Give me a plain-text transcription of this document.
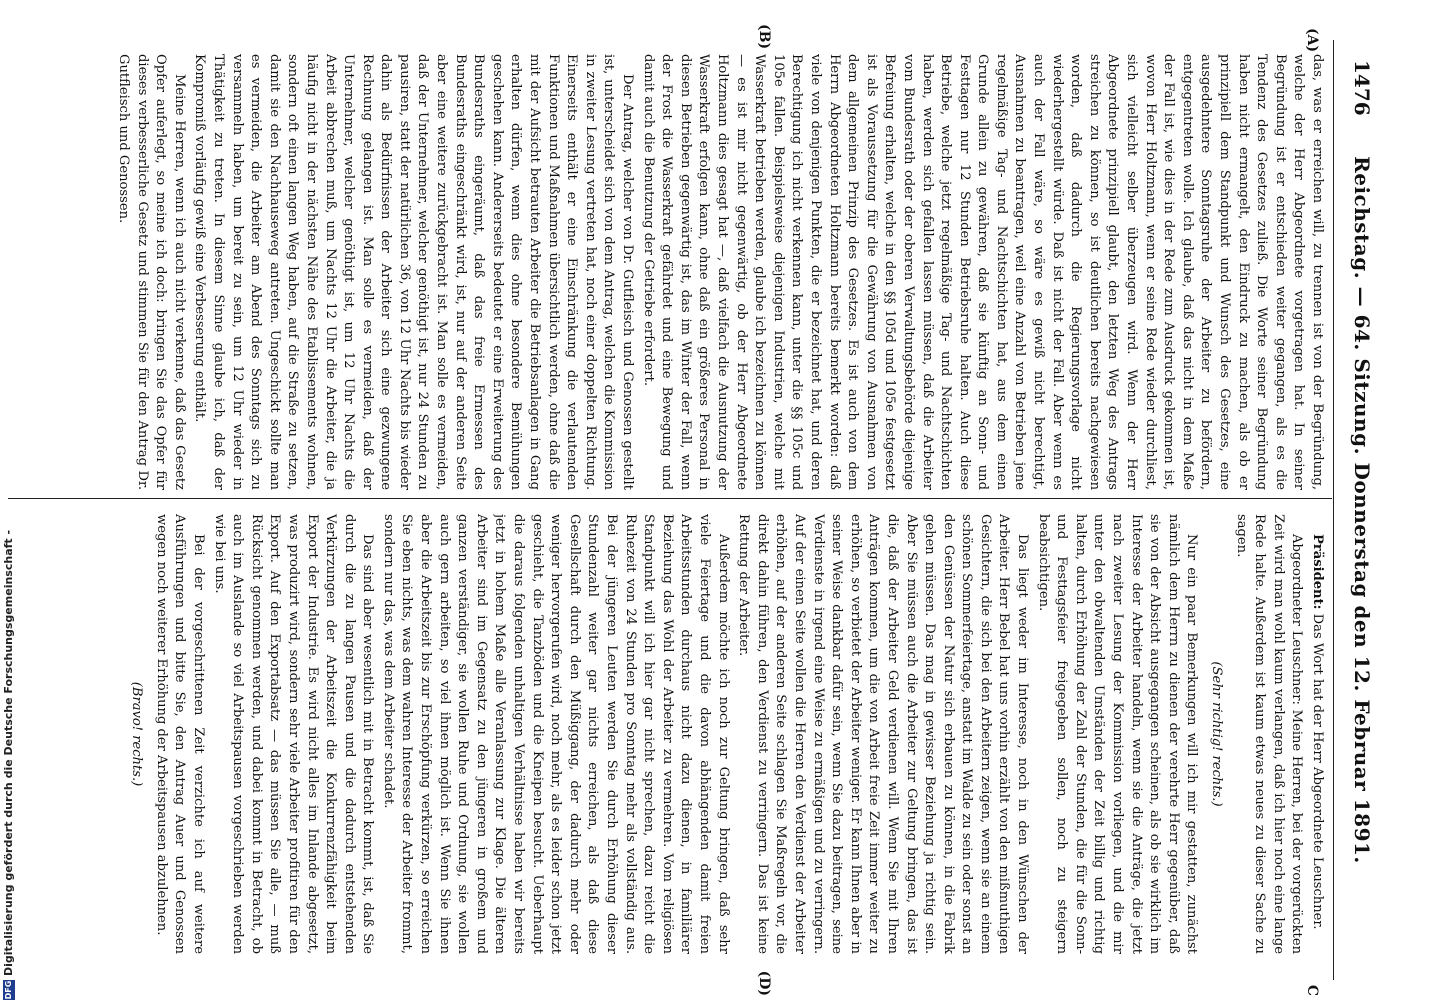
1476
Reichstag. — 64. Sitzung. Donnerstag den 12. Februar 1891.
(A)
(B)
C
(D)

das, was er erreichen will, zu trennen ist von der Begründung, welche der Herr Abgeordnete vorgetragen hat. In seiner Begründung ist er entschieden weiter gegangen, als es die Tendenz des Gesetzes zuließ. Die Worte seiner Begründung haben nicht ermangelt, den Eindruck zu machen, als ob er prinzipiell dem Standpunkt und Wunsch des Gesetzes, eine ausgedehntere Sonntagsruhe der Arbeiter zu befördern, entgegentreten wolle. Ich glaube, daß das nicht in dem Maße der Fall ist, wie dies in der Rede zum Ausdruck gekommen ist, wovon Herr Holtzmann, wenn er seine Rede wieder durchliest, sich vielleicht selber überzeugen wird. Wenn der Herr Abgeordnete prinzipiell glaubt, den letzten Weg des Antrags streichen zu können, so ist deutlichen bereits nachgewiesen worden, daß dadurch die Regierungsvorlage nicht wiederhergestellt würde. Daß ist nicht der Fall. Aber wenn es auch der Fall wäre, so wäre es gewiß nicht berechtigt, Ausnahmen zu beantragen, weil eine Anzahl von Betrieben jene regelmäßige Tag- und Nachtschichten hat, aus dem einen Grunde allein zu gewähren, daß sie künftig an Sonn- und Festtagen nur 12 Stunden Betriebsruhe halten. Auch diese Betriebe, welche jetzt regelmäßige Tag- und Nachtschichten haben, werden sich gefallen lassen müssen, daß die Arbeiter vom Bundesrath oder der oberen Verwaltungsbehörde diejenige Befreiung erhalten, welche in den §§ 105d und 105e festgesetzt ist als Voraussetzung für die Gewährung von Ausnahmen von dem allgemeinen Prinzip des Gesetzes. Es ist auch von dem Herrn Abgeordneten Holtzmann bereits bemerkt worden: daß viele von denjenigen Punkten, die er bezeichnet hat, und deren Berechtigung ich nicht verkennen kann, unter die §§ 105c und 105e fallen. Beispielsweise diejenigen Industrien, welche mit Wasserkraft betrieben werden, glaube ich bezeichnen zu können — es ist mir nicht gegenwärtig, ob der Herr Abgeordnete Holtzmann dies gesagt hat —, daß vielfach die Ausnutzung der Wasserkraft erfolgen kann, ohne daß ein größeres Personal in diesen Betrieben gegenwärtig ist, das im Winter der Fall, wenn der Frost die Wasserkraft gefährdet und eine Bewegung und damit auch die Benutzung der Getriebe erfordert.

Der Antrag, welcher von Dr. Gutfleisch und Genossen gestellt ist, unterscheidet sich von dem Antrag, welchen die Kommission in zweiter Lesung vertreten hat, noch einer doppelten Richtung. Einerseits enthält er eine Einschränkung die verlautenden Funktionen und Maßnahmen übersichtlich werden, ohne daß die mit der Aufsicht betrauten Arbeiter die Betriebsanlagen in Gang erhalten dürfen, wenn dies ohne besondere Bemühungen geschehen kann. Andererseits bedeutet er eine Erweiterung des Bundesraths eingeräumt, daß das freie Ermessen des Bundesraths eingeschränkt wird, ist, nur auf der anderen Seite aber eine weitere zurückgebracht ist. Man solle es vermeiden, daß der Unternehmer, welcher genöthigt ist, nur 24 Stunden zu pausiren, statt der natürlichen 36, von 12 Uhr Nachts bis wieder dahin als Bedürfnissen der Arbeiter sich eine gezwungene Rechnung gelangen ist. Man solle es vermeiden, daß der Unternehmer, welcher genöthigt ist, um 12 Uhr Nachts die Arbeit abbrechen muß, um Nachts 12 Uhr die Arbeiter, die ja häufig nicht in der nächsten Nähe des Etablissements wohnen, sondern oft einen langen Weg haben, auf die Straße zu setzen, damit sie den Nachhauseweg antreten. Ungeschickt sollte man es vermeiden, die Arbeiter am Abend des Sonntags sich zu versammeln haben, um bereit zu sein, um 12 Uhr wieder in Thätigkeit zu treten. In diesem Sinne glaube ich, daß der Kompromiß vorläufig gewiß eine Verbesserung enthält.

Meine Herren, wenn ich auch nicht verkenne, daß das Gesetz Opfer auferlegt, so meine ich doch: bringen Sie das Opfer für dieses verbesserliche Gesetz und stimmen Sie für den Antrag Dr. Gutfleisch und Genossen.

Präsident: Das Wort hat der Herr Abgeordnete Leuschner.

Abgeordneter Leuschner: Meine Herren, bei der vorgerückten Zeit wird man wohl kaum verlangen, daß ich hier noch eine lange Rede halte. Außerdem ist kaum etwas neues zu dieser Sache zu sagen.

(Sehr richtig! rechts.)

Nur ein paar Bemerkungen will ich mir gestatten, zunächst nämlich dem Herrn zu dienen der verehrte Herr gegenüber, daß sie von der Absicht ausgegangen scheinen, als ob sie wirklich im Interesse der Arbeiter handeln, wenn sie die Anträge, die jetzt nach zweiter Lesung der Kommission vorliegen, und die mir unter den obwaltenden Umständen der Zeit billig und richtig halten, durch Erhöhung der Zahl der Stunden, die für die Sonn- und Festtagsfeier freigegeben sollen, noch zu steigern beabsichtigen.

Das liegt weder im Interesse, noch in den Wünschen der Arbeiter. Herr Bebel hat uns vorhin erzählt von den mißmuthigen Gesichtern, die sich bei den Arbeitern zeigen, wenn sie an einem schönen Sommerfeiertage, anstatt im Walde zu sein oder sonst an den Genüssen der Natur sich erbauen zu können, in die Fabrik gehen müssen. Das mag in gewisser Beziehung ja richtig sein. Aber Sie müssen auch die Arbeiter zur Geltung bringen, das ist die, daß der Arbeiter Geld verdienen will. Wenn Sie mit Ihren Anträgen kommen, um die von Arbeit freie Zeit immer weiter zu erhöhen, so verbietet der Arbeiter weniger. Er kann Ihnen aber in seiner Weise dankbar dafür sein, wenn Sie dazu beitragen, seine Verdienste in irgend eine Weise zu ermäßigen und zu verringern. Auf der einen Seite wollen die Herren den Verdienst der Arbeiter erhöhen, auf der anderen Seite schlagen Sie Maßregeln vor, die direkt dahin führen, den Verdienst zu verringern. Das ist keine Rettung der Arbeiter.

Außerdem möchte ich noch zur Geltung bringen, daß sehr viele Feiertage und die davon abhängenden damit freien Arbeitsstunden durchaus nicht dazu dienen, in familiärer Beziehung das Wohl der Arbeiter zu vermehren. Vom religiösen Standpunkt will ich hier gar nicht sprechen, dazu reicht die Ruhezeit von 24 Stunden pro Sonntag mehr als vollständig aus. Bei der jüngeren Leuten werden Sie durch Erhöhung dieser Stundenzahl weiter gar nichts erreichen, als daß diese Gesellschaft durch den Müßiggang, der dadurch mehr oder weniger hervorgerufen wird, noch mehr, als es leider schon jetzt geschieht, die Tanzböden und die Kneipen besucht. Ueberhaupt die daraus folgenden unhaltigen Verhältnisse haben wir bereits jetzt in hohem Maße alle Veranlassung zur Klage. Die älteren Arbeiter sind im Gegensatz zu den jüngeren in großem und ganzen verständiger, sie wollen Ruhe und Ordnung, sie wollen auch gern arbeiten, so viel ihnen möglich ist. Wenn Sie ihnen aber die Arbeitszeit bis zur Erschöpfung verkürzen, so erreichen Sie eben nichts, was dem wahren Interesse der Arbeiter frommt, sondern nur das, was dem Arbeiter schadet.

Das sind aber wesentlich mit in Betracht kommt, ist, daß Sie durch die zu langen Pausen und die dadurch entstehenden Verkürzungen der Arbeitszeit die Konkurrenzfähigkeit beim Export der Industrie. Es wird nicht alles im Inlande abgesetzt, was produzirt wird, sondern sehr viele Arbeiter profitiren für den Export. Auf den Exportabsatz — das müssen Sie alle, — muß Rücksicht genommen werden, und dabei kommt in Betracht, ob auch im Auslande so viel Arbeitspausen vorgeschrieben werden wie bei uns.

Bei der vorgeschrittenen Zeit verzichte ich auf weitere Ausführungen und bitte Sie, den Antrag Auer und Genossen wegen noch weiterer Erhöhung der Arbeitspausen abzulehnen.

(Bravo! rechts.)

DFGDigitalisierung gefördert durch die Deutsche Forschungsgemeinschaft -
